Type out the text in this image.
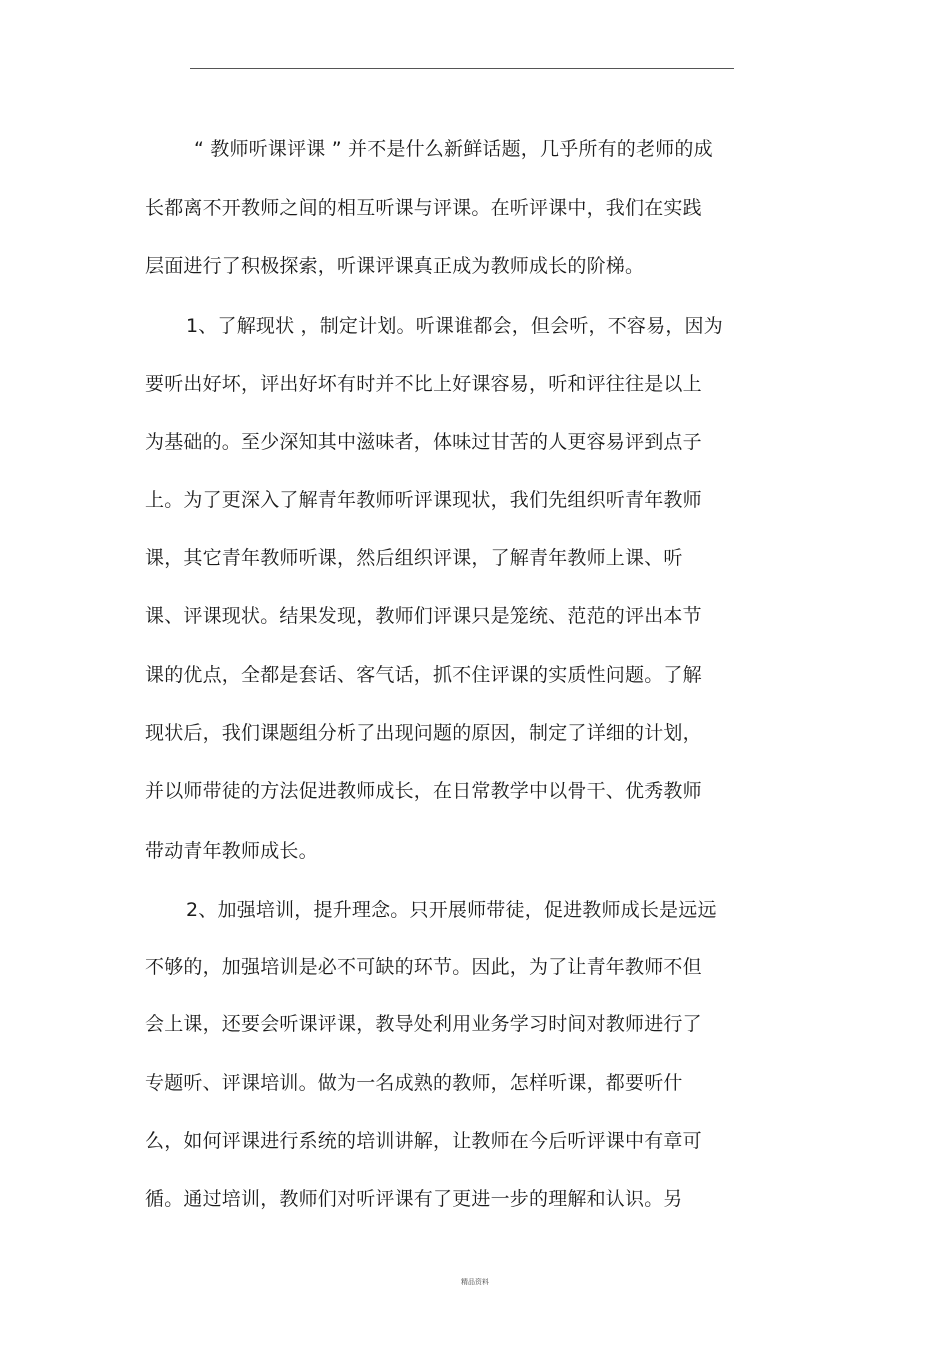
“ 教师听课评课 ” 并不是什么新鲜话题，几乎所有的老师的成
长都离不开教师之间的相互听课与评课。在听评课中，我们在实践
层面进行了积极探索，听课评课真正成为教师成长的阶梯。
1、了解现状 ，制定计划。听课谁都会，但会听，不容易，因为
要听出好坏，评出好坏有时并不比上好课容易，听和评往往是以上
为基础的。至少深知其中滋味者，体味过甘苦的人更容易评到点子
上。为了更深入了解青年教师听评课现状，我们先组织听青年教师
课，其它青年教师听课，然后组织评课，了解青年教师上课、听
课、评课现状。结果发现，教师们评课只是笼统、范范的评出本节
课的优点，全都是套话、客气话，抓不住评课的实质性问题。了解
现状后，我们课题组分析了出现问题的原因，制定了详细的计划，
并以师带徒的方法促进教师成长，在日常教学中以骨干、优秀教师
带动青年教师成长。
2、加强培训，提升理念。只开展师带徒，促进教师成长是远远
不够的，加强培训是必不可缺的环节。因此，为了让青年教师不但
会上课，还要会听课评课，教导处利用业务学习时间对教师进行了
专题听、评课培训。做为一名成熟的教师，怎样听课，都要听什
么，如何评课进行系统的培训讲解，让教师在今后听评课中有章可
循。通过培训，教师们对听评课有了更进一步的理解和认识。另
精品资料
